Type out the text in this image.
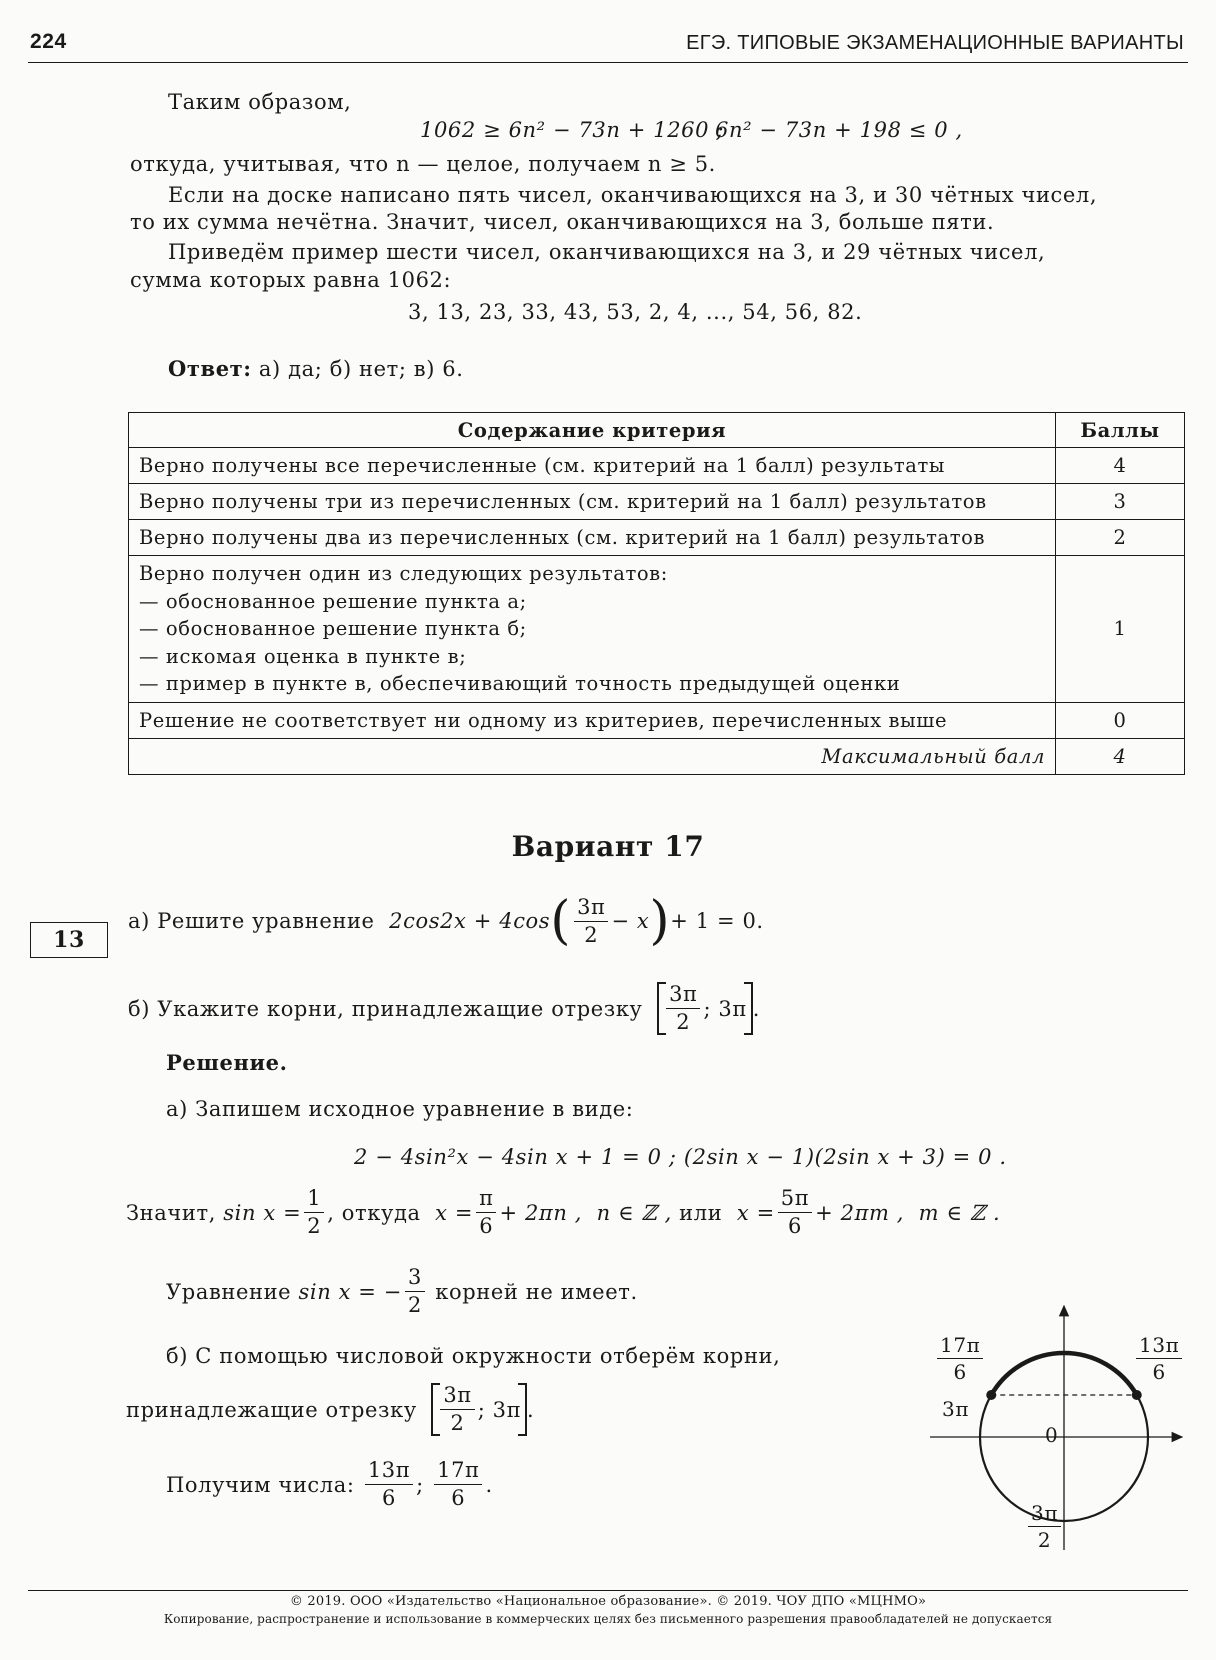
224	ЕГЭ. ТИПОВЫЕ ЭКЗАМЕНАЦИОННЫЕ ВАРИАНТЫ
Таким образом,
1062 ≥ 6n² − 73n + 1260 ;
6n² − 73n + 198 ≤ 0 ,
откуда, учитывая, что n — целое, получаем n ≥ 5.
Если на доске написано пять чисел, оканчивающихся на 3, и 30 чётных чисел,
то их сумма нечётна. Значит, чисел, оканчивающихся на 3, больше пяти.
Приведём пример шести чисел, оканчивающихся на 3, и 29 чётных чисел,
сумма которых равна 1062:
3, 13, 23, 33, 43, 53, 2, 4, ..., 54, 56, 82.
Ответ: а) да; б) нет; в) 6.
Содержание критерия	Баллы
Верно получены все перечисленные (см. критерий на 1 балл) результаты	4
Верно получены три из перечисленных (см. критерий на 1 балл) результатов	3
Верно получены два из перечисленных (см. критерий на 1 балл) результатов	2

Верно получен один из следующих результатов:
— обоснованное решение пункта а;
— обоснованное решение пункта б;
— искомая оценка в пункте в;
— пример в пункте в, обеспечивающий точность предыдущей оценки	1
Решение не соответствует ни одному из критериев, перечисленных выше	0
Максимальный балл	4
Вариант 17
13
а) Решите уравнение
2cos2x + 4cos ( $\frac{3\pi}{2} - x$ ) + 1 = 0.
б) Укажите корни, принадлежащие отрезку
$\frac{3\pi}{2}$ ; 3π .
Решение.
а) Запишем исходное уравнение в виде:
2 − 4sin²x − 4sin x + 1 = 0 ; (2sin x − 1)(2sin x + 3) = 0 .
Значит,
$\sin x = \frac{1}{2}$ , откуда
$x = \frac{\pi}{6} + 2\pi n$ ,
n ∈ ℤ ,
или
$x = \frac{5\pi}{6} + 2\pi m$ ,
m ∈ ℤ .
Уравнение
sin x = − $\frac{3}{2}$
корней не имеет.
б) С помощью числовой окружности отберём корни,
принадлежащие отрезку
$\frac{3\pi}{2}$ ; 3π .
Получим числа:
$\frac{13\pi}{6}$ ;
$\frac{17\pi}{6}$ .
$\frac{17\pi}{6}$	$\frac{13\pi}{6}$
3π
0
$\frac{3\pi}{2}$
© 2019. ООО «Издательство «Национальное образование». © 2019. ЧОУ ДПО «МЦНМО»
Копирование, распространение и использование в коммерческих целях без письменного разрешения правообладателей не допускается
